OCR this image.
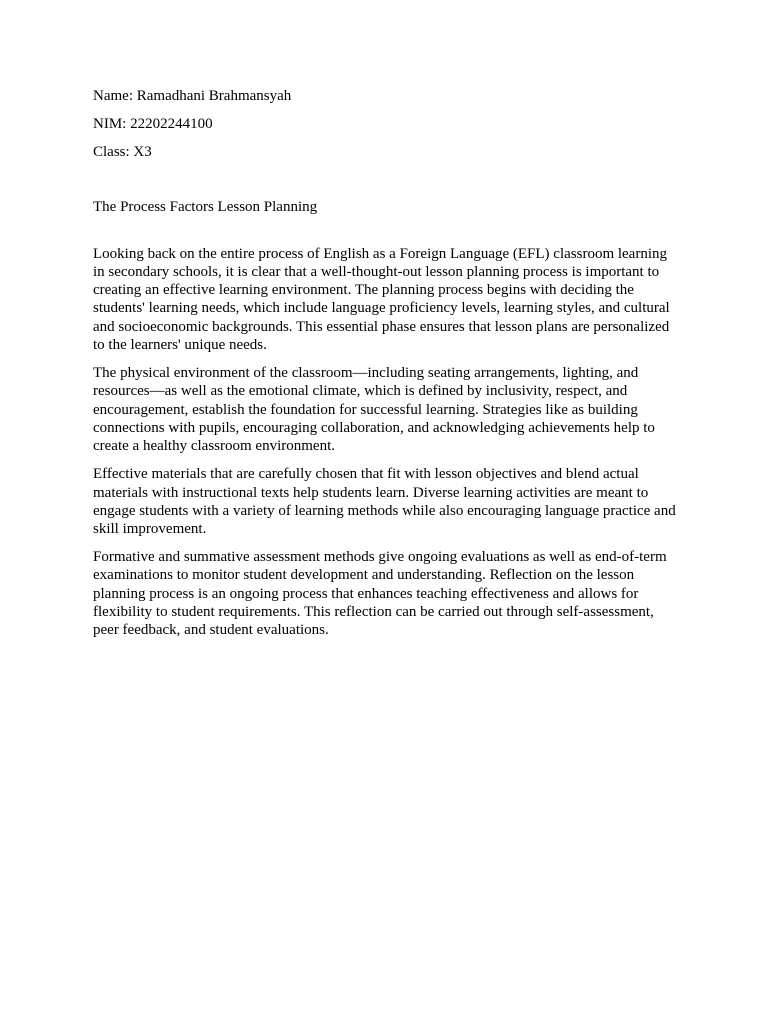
Name: Ramadhani Brahmansyah

NIM: 22202244100

Class: X3

The Process Factors Lesson Planning

Looking back on the entire process of English as a Foreign Language (EFL) classroom learning in secondary schools, it is clear that a well-thought-out lesson planning process is important to creating an effective learning environment. The planning process begins with deciding the students' learning needs, which include language proficiency levels, learning styles, and cultural and socioeconomic backgrounds. This essential phase ensures that lesson plans are personalized to the learners' unique needs.

The physical environment of the classroom—including seating arrangements, lighting, and resources—as well as the emotional climate, which is defined by inclusivity, respect, and encouragement, establish the foundation for successful learning. Strategies like as building connections with pupils, encouraging collaboration, and acknowledging achievements help to create a healthy classroom environment.

Effective materials that are carefully chosen that fit with lesson objectives and blend actual materials with instructional texts help students learn. Diverse learning activities are meant to engage students with a variety of learning methods while also encouraging language practice and skill improvement.

Formative and summative assessment methods give ongoing evaluations as well as end-of-term examinations to monitor student development and understanding. Reflection on the lesson planning process is an ongoing process that enhances teaching effectiveness and allows for flexibility to student requirements. This reflection can be carried out through self-assessment, peer feedback, and student evaluations.
